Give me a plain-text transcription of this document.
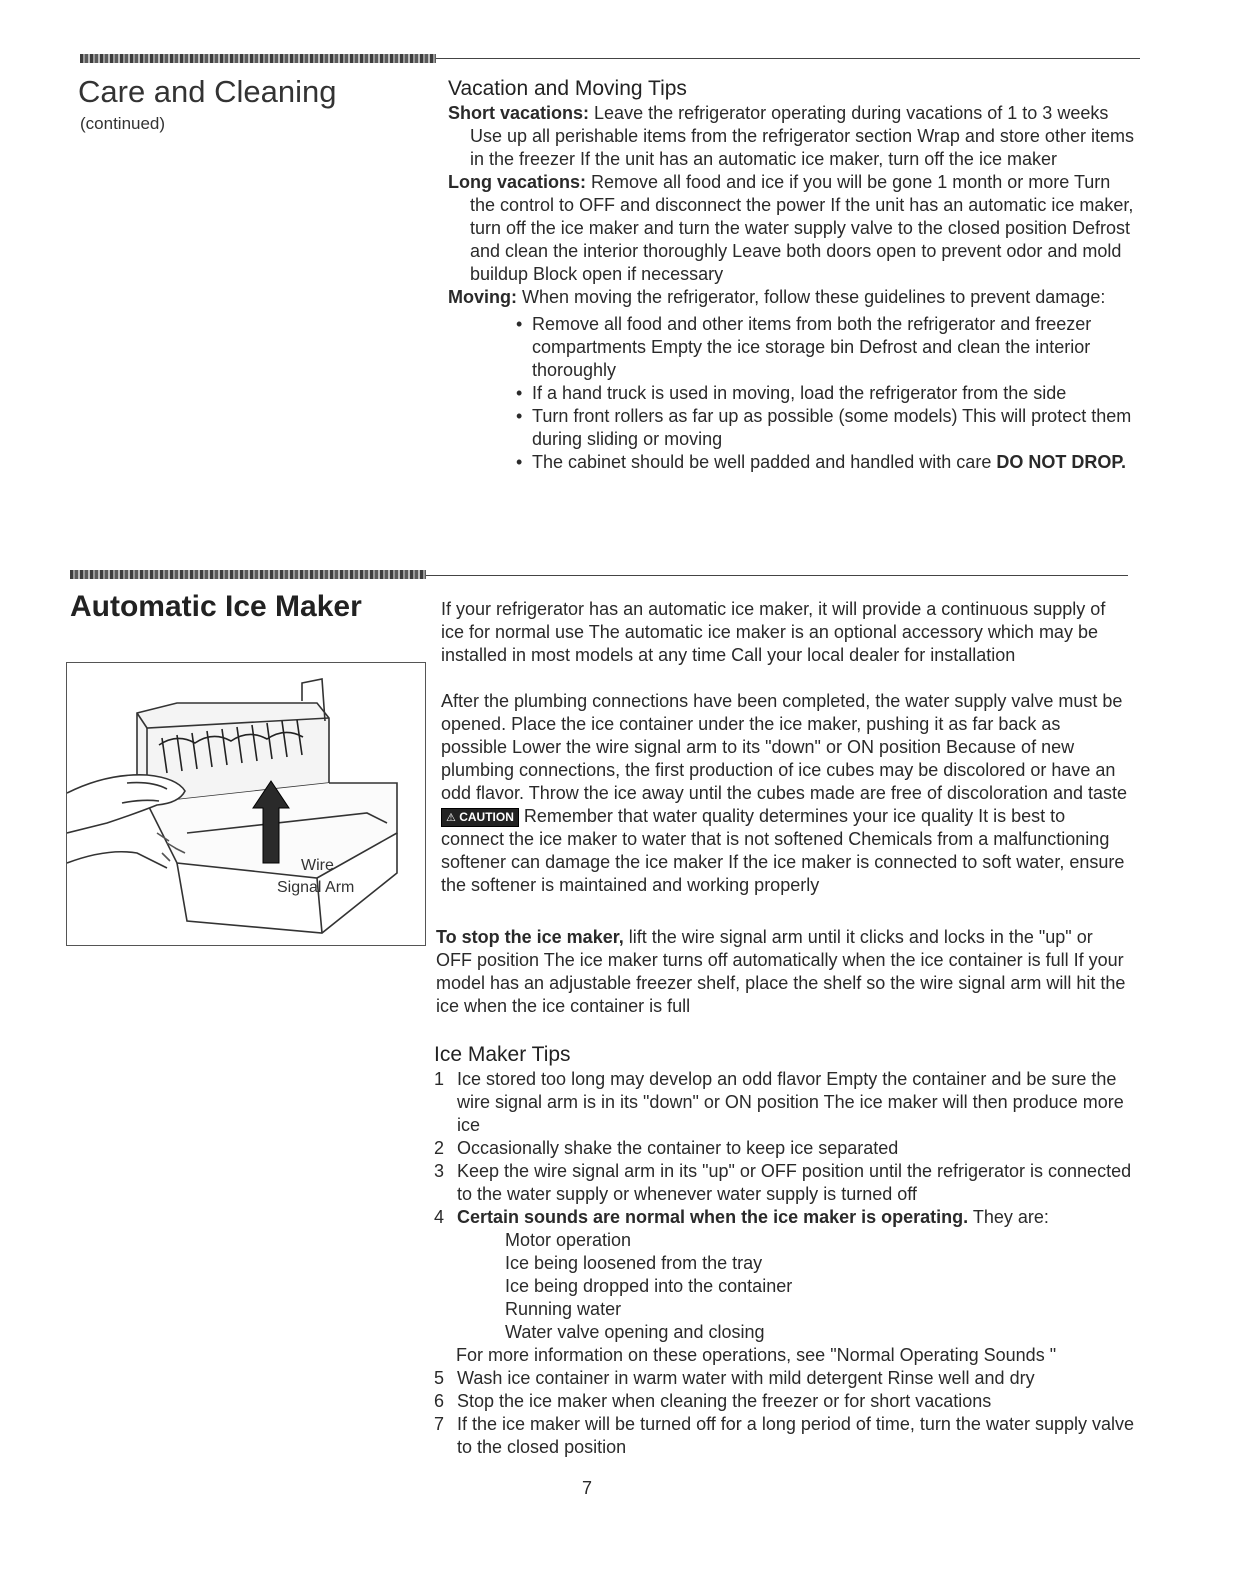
Care and Cleaning
(continued)

Vacation and Moving Tips

Short vacations: Leave the refrigerator operating during vacations of 1 to 3 weeks Use up all perishable items from the refrigerator section Wrap and store other items in the freezer If the unit has an automatic ice maker, turn off the ice maker

Long vacations: Remove all food and ice if you will be gone 1 month or more Turn the control to OFF and disconnect the power If the unit has an automatic ice maker, turn off the ice maker and turn the water supply valve to the closed position Defrost and clean the interior thoroughly Leave both doors open to prevent odor and mold buildup Block open if necessary

Moving: When moving the refrigerator, follow these guidelines to prevent damage:

• Remove all food and other items from both the refrigerator and freezer compartments Empty the ice storage bin Defrost and clean the interior thoroughly
• If a hand truck is used in moving, load the refrigerator from the side
• Turn front rollers as far up as possible (some models) This will protect them during sliding or moving
• The cabinet should be well padded and handled with care DO NOT DROP.
Automatic Ice Maker
Wire
Signal Arm

If your refrigerator has an automatic ice maker, it will provide a continuous supply of ice for normal use The automatic ice maker is an optional accessory which may be installed in most models at any time Call your local dealer for installation

After the plumbing connections have been completed, the water supply valve must be opened. Place the ice container under the ice maker, pushing it as far back as possible Lower the wire signal arm to its "down" or ON position Because of new plumbing connections, the first production of ice cubes may be discolored or have an odd flavor. Throw the ice away until the cubes made are free of discoloration and taste ⚠ CAUTION Remember that water quality determines your ice quality It is best to connect the ice maker to water that is not softened Chemicals from a malfunctioning softener can damage the ice maker If the ice maker is connected to soft water, ensure the softener is maintained and working properly

To stop the ice maker, lift the wire signal arm until it clicks and locks in the "up" or OFF position The ice maker turns off automatically when the ice container is full If your model has an adjustable freezer shelf, place the shelf so the wire signal arm will hit the ice when the ice container is full

Ice Maker Tips

1 Ice stored too long may develop an odd flavor Empty the container and be sure the wire signal arm is in its "down" or ON position The ice maker will then produce more ice
2 Occasionally shake the container to keep ice separated
3 Keep the wire signal arm in its "up" or OFF position until the refrigerator is connected to the water supply or whenever water supply is turned off
4 Certain sounds are normal when the ice maker is operating. They are:
Motor operation
Ice being loosened from the tray
Ice being dropped into the container
Running water
Water valve opening and closing
For more information on these operations, see "Normal Operating Sounds "
5 Wash ice container in warm water with mild detergent Rinse well and dry
6 Stop the ice maker when cleaning the freezer or for short vacations
7 If the ice maker will be turned off for a long period of time, turn the water supply valve to the closed position
7
